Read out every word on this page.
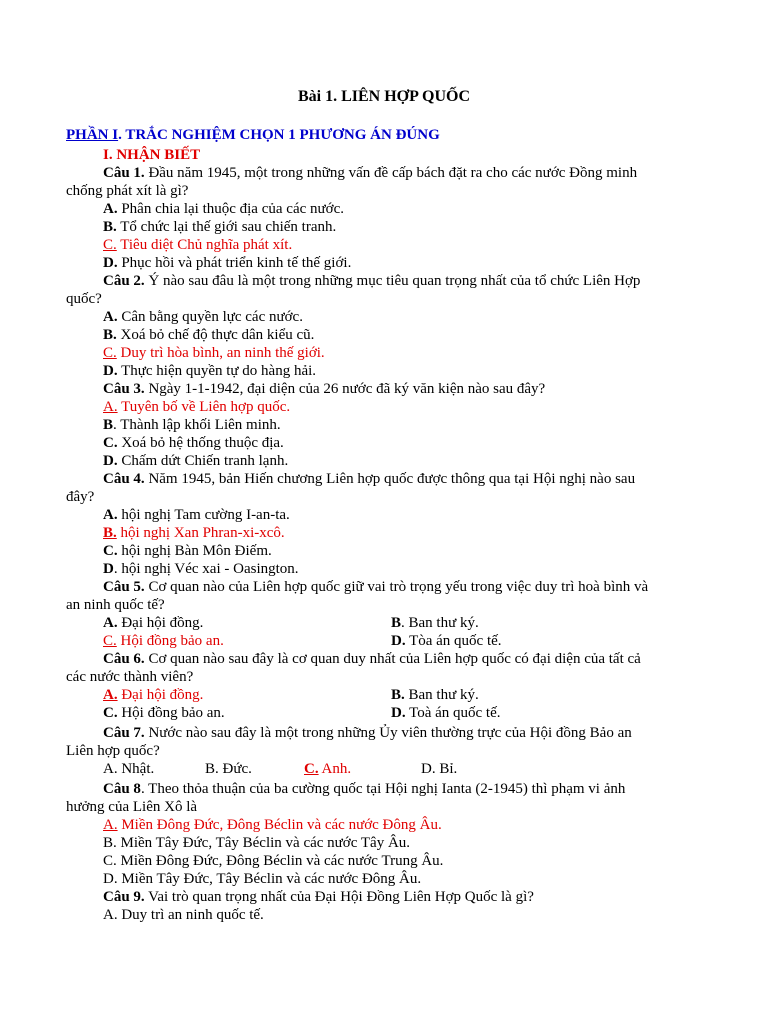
Bài 1. LIÊN HỢP QUỐC
PHẦN I. TRẮC NGHIỆM CHỌN 1 PHƯƠNG ÁN ĐÚNG
I. NHẬN BIẾT
Câu 1. Đầu năm 1945, một trong những vấn đề cấp bách đặt ra cho các nước Đồng minh
chống phát xít là gì?
A. Phân chia lại thuộc địa của các nước.
B. Tổ chức lại thế giới sau chiến tranh.
C. Tiêu diệt Chủ nghĩa phát xít.
D. Phục hồi và phát triển kinh tế thế giới.
Câu 2. Ý nào sau đâu là một trong những mục tiêu quan trọng nhất của tổ chức Liên Hợp
quốc?
A. Cân bằng quyền lực các nước.
B. Xoá bỏ chế độ thực dân kiểu cũ.
C. Duy trì hòa bình, an ninh thế giới.
D. Thực hiện quyền tự do hàng hải.
Câu 3. Ngày 1-1-1942, đại diện của 26 nước đã ký văn kiện nào sau đây?
A. Tuyên bố về Liên hợp quốc.
B. Thành lập khối Liên minh.
C. Xoá bỏ hệ thống thuộc địa.
D. Chấm dứt Chiến tranh lạnh.
Câu 4. Năm 1945, bản Hiến chương Liên hợp quốc được thông qua tại Hội nghị nào sau
đây?
A. hội nghị Tam cường I-an-ta.
B. hội nghị Xan Phran-xi-xcô.
C. hội nghị Bàn Môn Điếm.
D. hội nghị Véc xai - Oasington.
Câu 5. Cơ quan nào của Liên hợp quốc giữ vai trò trọng yếu trong việc duy trì hoà bình và
an ninh quốc tế?
A. Đại hội đồng.	B. Ban thư ký.
C. Hội đồng bảo an.	D. Tòa án quốc tế.
Câu 6. Cơ quan nào sau đây là cơ quan duy nhất của Liên hợp quốc có đại diện của tất cả
các nước thành viên?
A. Đại hội đồng.	B. Ban thư ký.
C. Hội đồng bảo an.	D. Toà án quốc tế.
Câu 7. Nước nào sau đây là một trong những Ủy viên thường trực của Hội đồng Bảo an
Liên hợp quốc?
A. Nhật.	B. Đức.	C. Anh.	D. Bỉ.
Câu 8. Theo thỏa thuận của ba cường quốc tại Hội nghị Ianta (2-1945) thì phạm vi ảnh
hưởng của Liên Xô là
A. Miền Đông Đức, Đông Béclin và các nước Đông Âu.
B. Miền Tây Đức, Tây Béclin và các nước Tây Âu.
C. Miền Đông Đức, Đông Béclin và các nước Trung Âu.
D. Miền Tây Đức, Tây Béclin và các nước Đông Âu.
Câu 9. Vai trò quan trọng nhất của Đại Hội Đồng Liên Hợp Quốc là gì?
A. Duy trì an ninh quốc tế.
